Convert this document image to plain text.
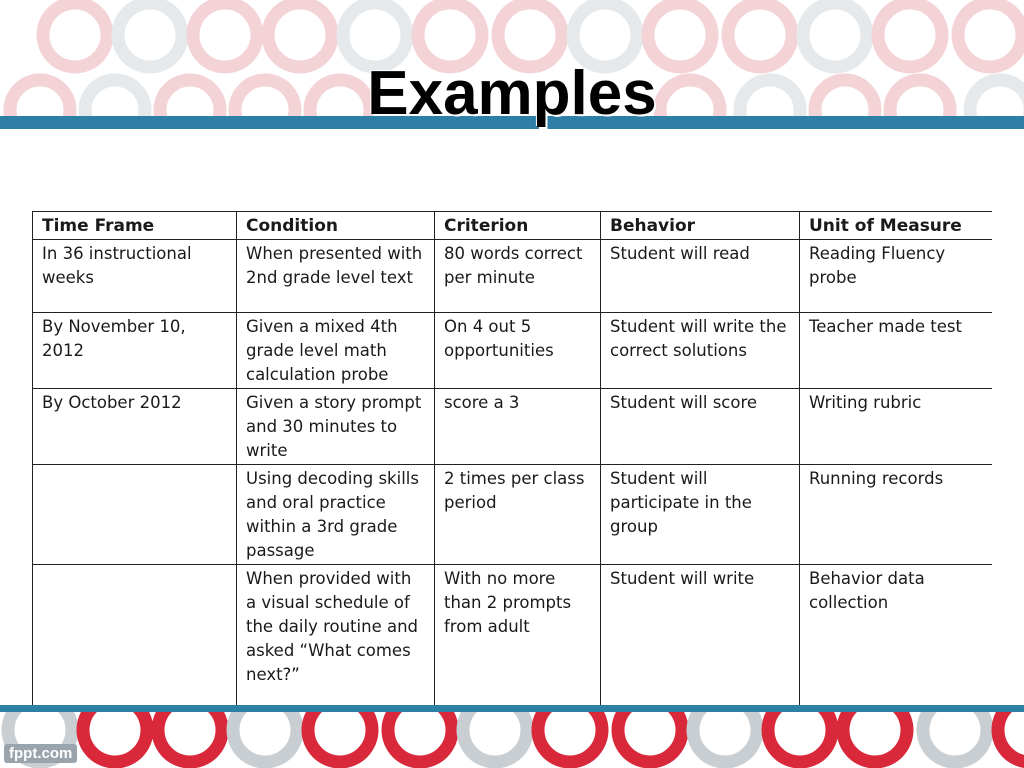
Examples
Time Frame	Condition	Criterion	Behavior	Unit of Measure
In 36 instructional weeks	When presented with 2nd grade level text	80 words correct per minute	Student will read	Reading Fluency probe
By November 10, 2012	Given a mixed 4th grade level math calculation probe	On 4 out 5 opportunities	Student will write the correct solutions	Teacher made test
By October 2012	Given a story prompt and 30 minutes to write	score a 3	Student will score	Writing rubric
	Using decoding skills and oral practice within a 3rd grade passage	2 times per class period	Student will participate in the group	Running records
	When provided with a visual schedule of the daily routine and asked “What comes next?”	With no more than 2 prompts from adult	Student will write	Behavior data collection

fppt.com
